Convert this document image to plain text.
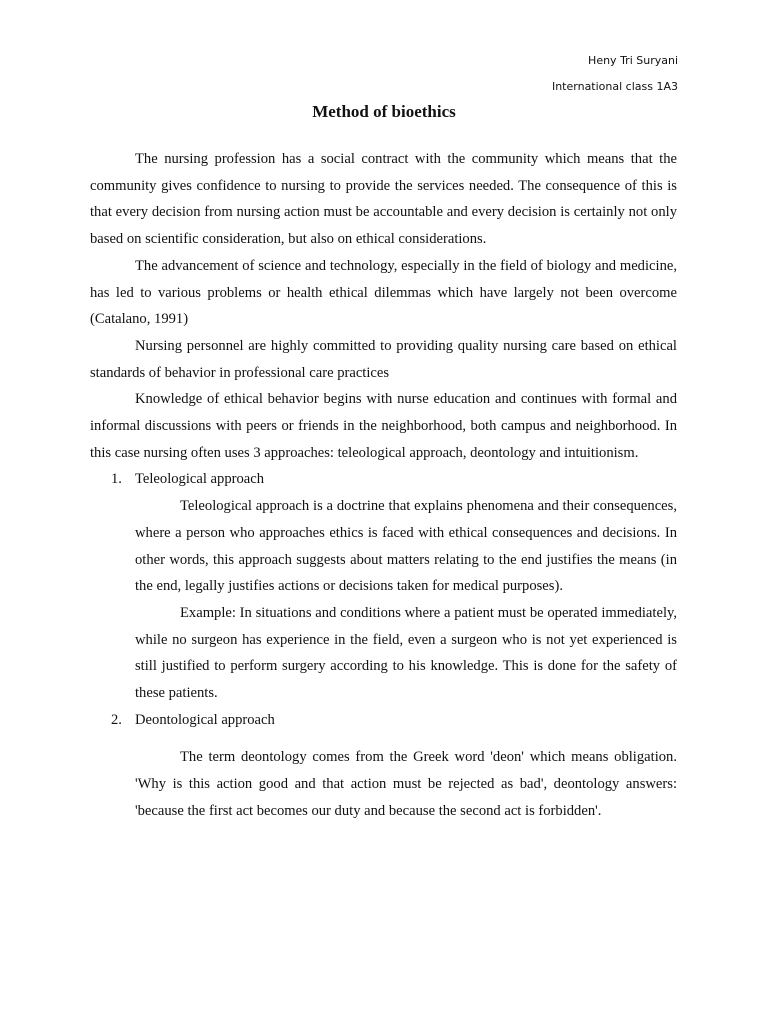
Heny Tri Suryani
International class 1A3
Method of bioethics

The nursing profession has a social contract with the community which means that the community gives confidence to nursing to provide the services needed. The consequence of this is that every decision from nursing action must be accountable and every decision is certainly not only based on scientific consideration, but also on ethical considerations.

The advancement of science and technology, especially in the field of biology and medicine, has led to various problems or health ethical dilemmas which have largely not been overcome (Catalano, 1991)

Nursing personnel are highly committed to providing quality nursing care based on ethical standards of behavior in professional care practices

Knowledge of ethical behavior begins with nurse education and continues with formal and informal discussions with peers or friends in the neighborhood, both campus and neighborhood. In this case nursing often uses 3 approaches: teleological approach, deontology and intuitionism.

1. Teleological approach

Teleological approach is a doctrine that explains phenomena and their consequences, where a person who approaches ethics is faced with ethical consequences and decisions. In other words, this approach suggests about matters relating to the end justifies the means (in the end, legally justifies actions or decisions taken for medical purposes).

Example: In situations and conditions where a patient must be operated immediately, while no surgeon has experience in the field, even a surgeon who is not yet experienced is still justified to perform surgery according to his knowledge. This is done for the safety of these patients.

2. Deontological approach

The term deontology comes from the Greek word 'deon' which means obligation. 'Why is this action good and that action must be rejected as bad', deontology answers: 'because the first act becomes our duty and because the second act is forbidden'.
